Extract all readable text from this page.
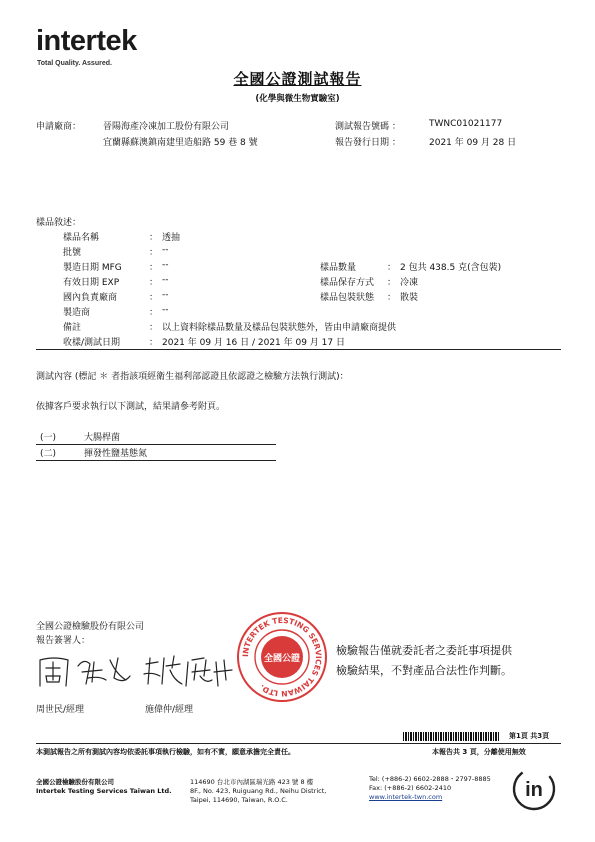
intertek
Total Quality. Assured.
全國公證測試報告
(化學與微生物實驗室)
申請廠商： 晉陽海產冷凍加工股份有限公司
宜蘭縣蘇澳鎮南建里造船路 59 巷 8 號
測試報告號碼 ：	TWNC01021177
報告發行日期 ：	2021 年 09 月 28 日
樣品敘述：
樣品名稱	： 透抽
批號	： --
製造日期 MFG	： --
有效日期 EXP	： --
國內負責廠商	： --
製造商	： --
備註	： 以上資料除樣品數量及樣品包裝狀態外，皆由申請廠商提供
收樣/測試日期	： 2021 年 09 月 16 日 / 2021 年 09 月 17 日
樣品數量	： 2 包共 438.5 克(含包裝)
樣品保存方式 ： 冷凍
樣品包裝狀態 ： 散裝
測試內容 (標記 ＊ 者指該項經衛生福利部認證且依認證之檢驗方法執行測試)：
依據客戶要求執行以下測試，結果請參考附頁。
(一)	大腸桿菌
(二)	揮發性鹽基態氮
全國公證檢驗股份有限公司
報告簽署人：
周世民/經理	施偉仲/經理
INTERTEK TESTING SERVICES TAIWAN LTD.
全國公證
檢驗報告僅就委託者之委託事項提供
檢驗結果，不對產品合法性作判斷。
第1頁 共3頁
本測試報告之所有測試內容均依委託事項執行檢驗，如有不實，願意承擔完全責任。	本報告共 3 頁，分離使用無效
全國公證檢驗股份有限公司
Intertek Testing Services Taiwan Ltd.
114690 台北市內湖區瑞光路 423 號 8 樓
8F., No. 423, Ruiguang Rd., Neihu District,
Taipei, 114690, Taiwan, R.O.C.
Tel: (+886-2) 6602-2888・2797-8885
Fax: (+886-2) 6602-2410
www.intertek-twn.com	in
